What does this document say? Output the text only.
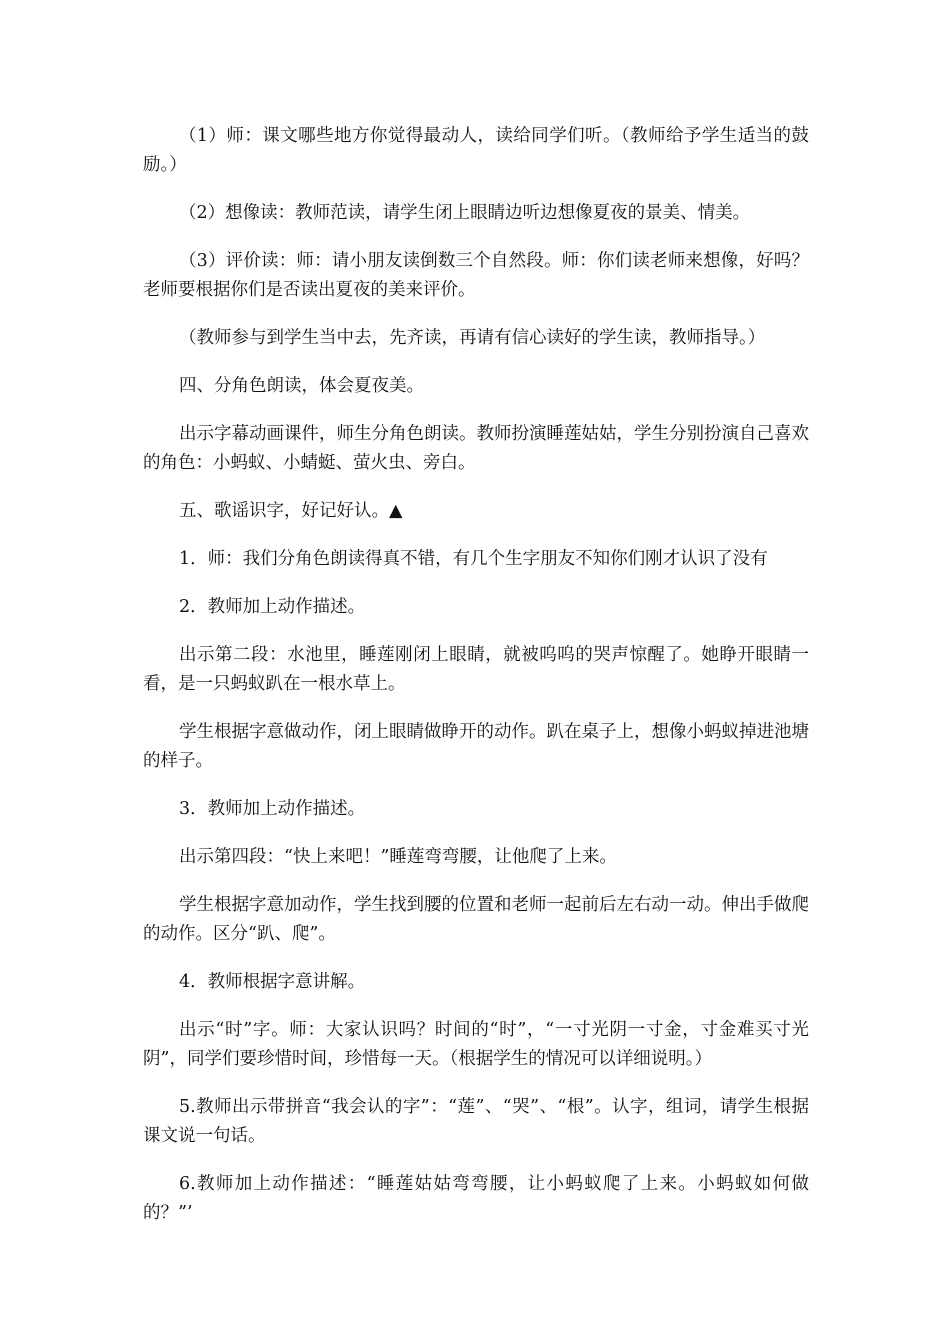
（1）师：课文哪些地方你觉得最动人，读给同学们听。（教师给予学生适当的鼓励。）

（2）想像读：教师范读，请学生闭上眼睛边听边想像夏夜的景美、情美。

（3）评价读：师：请小朋友读倒数三个自然段。师：你们读老师来想像，好吗？老师要根据你们是否读出夏夜的美来评价。

（教师参与到学生当中去，先齐读，再请有信心读好的学生读，教师指导。）

四、分角色朗读，体会夏夜美。

出示字幕动画课件，师生分角色朗读。教师扮演睡莲姑姑，学生分别扮演自己喜欢的角色：小蚂蚁、小蜻蜓、萤火虫、旁白。

五、歌谣识字，好记好认。▲

1．师：我们分角色朗读得真不错，有几个生字朋友不知你们刚才认识了没有

2．教师加上动作描述。

出示第二段：水池里，睡莲刚闭上眼睛，就被呜呜的哭声惊醒了。她睁开眼睛一看，是一只蚂蚁趴在一根水草上。

学生根据字意做动作，闭上眼睛做睁开的动作。趴在桌子上，想像小蚂蚁掉进池塘的样子。

3．教师加上动作描述。

出示第四段：“快上来吧！”睡莲弯弯腰，让他爬了上来。

学生根据字意加动作，学生找到腰的位置和老师一起前后左右动一动。伸出手做爬的动作。区分“趴、爬”。

4．教师根据字意讲解。

出示“时”字。师：大家认识吗？时间的“时”，“一寸光阴一寸金，寸金难买寸光阴”，同学们要珍惜时间，珍惜每一天。（根据学生的情况可以详细说明。）

5.教师出示带拼音“我会认的字”：“莲”、“哭”、“根”。认字，组词，请学生根据课文说一句话。

6.教师加上动作描述：“睡莲姑姑弯弯腰，让小蚂蚁爬了上来。小蚂蚁如何做的？”’
